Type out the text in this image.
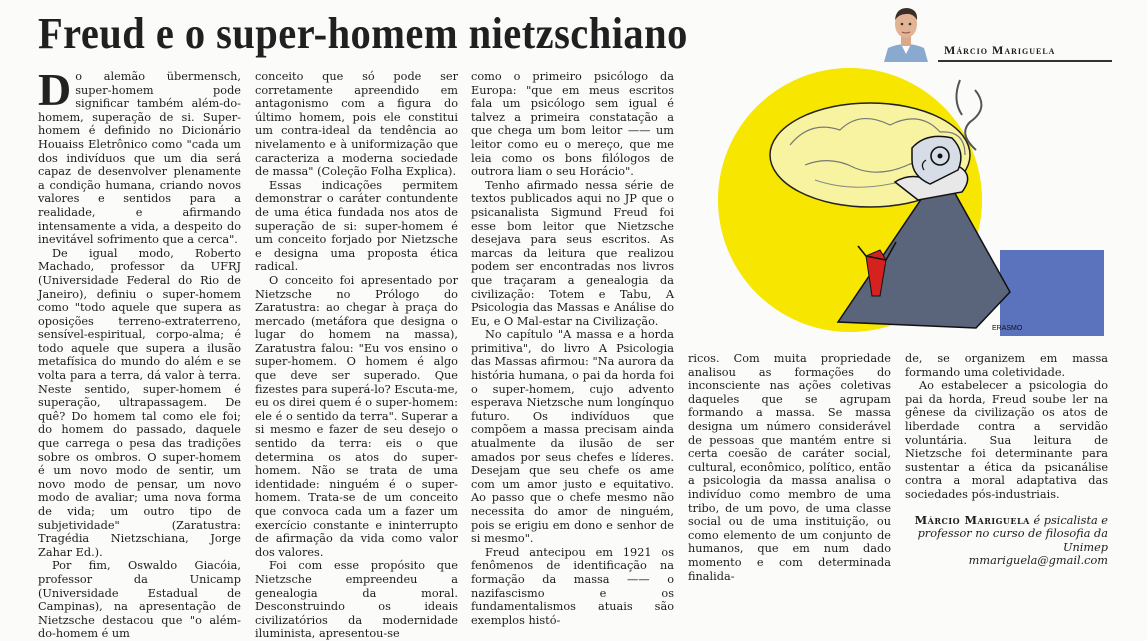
Freud e o super-homem nietzschiano	Márcio Mariguela
ERASMO

Do alemão übermensch, super-homem pode significar também além-do-homem, superação de si. Super-homem é definido no Dicionário Houaiss Eletrônico como "cada um dos indivíduos que um dia será capaz de desenvolver plenamente a condição humana, criando novos valores e sentidos para a realidade, e afirmando intensamente a vida, a despeito do inevitável sofrimento que a cerca".

De igual modo, Roberto Machado, professor da UFRJ (Universidade Federal do Rio de Janeiro), definiu o super-homem como "todo aquele que supera as oposições terreno-extraterreno, sensível-espiritual, corpo-alma; é todo aquele que supera a ilusão metafísica do mundo do além e se volta para a terra, dá valor à terra. Neste sentido, super-homem é superação, ultrapassagem. De quê? Do homem tal como ele foi; do homem do passado, daquele que carrega o pesa das tradições sobre os ombros. O super-homem é um novo modo de sentir, um novo modo de pensar, um novo modo de avaliar; uma nova forma de vida; um outro tipo de subjetividade" (Zaratustra: Tragédia Nietzschiana, Jorge Zahar Ed.).

Por fim, Oswaldo Giacóia, professor da Unicamp (Universidade Estadual de Campinas), na apresentação de Nietzsche destacou que "o além-do-homem é um

conceito que só pode ser corretamente apreendido em antagonismo com a figura do último homem, pois ele constitui um contra-ideal da tendência ao nivelamento e à uniformização que caracteriza a moderna sociedade de massa" (Coleção Folha Explica).

Essas indicações permitem demonstrar o caráter contundente de uma ética fundada nos atos de superação de si: super-homem é um conceito forjado por Nietzsche e designa uma proposta ética radical.

O conceito foi apresentado por Nietzsche no Prólogo do Zaratustra: ao chegar à praça do mercado (metáfora que designa o lugar do homem na massa), Zaratustra falou: "Eu vos ensino o super-homem. O homem é algo que deve ser superado. Que fizestes para superá-lo? Escuta-me, eu os direi quem é o super-homem: ele é o sentido da terra". Superar a si mesmo e fazer de seu desejo o sentido da terra: eis o que determina os atos do super-homem. Não se trata de uma identidade: ninguém é o super-homem. Trata-se de um conceito que convoca cada um a fazer um exercício constante e ininterrupto de afirmação da vida como valor dos valores.

Foi com esse propósito que Nietzsche empreendeu a genealogia da moral. Desconstruindo os ideais civilizatórios da modernidade iluminista, apresentou-se

como o primeiro psicólogo da Europa: "que em meus escritos fala um psicólogo sem igual é talvez a primeira constatação a que chega um bom leitor —— um leitor como eu o mereço, que me leia como os bons filólogos de outrora liam o seu Horácio".

Tenho afirmado nessa série de textos publicados aqui no JP que o psicanalista Sigmund Freud foi esse bom leitor que Nietzsche desejava para seus escritos. As marcas da leitura que realizou podem ser encontradas nos livros que traçaram a genealogia da civilização: Totem e Tabu, A Psicologia das Massas e Análise do Eu, e O Mal-estar na Civilização.

No capítulo "A massa e a horda primitiva", do livro A Psicologia das Massas afirmou: "Na aurora da história humana, o pai da horda foi o super-homem, cujo advento esperava Nietzsche num longínquo futuro. Os indivíduos que compõem a massa precisam ainda atualmente da ilusão de ser amados por seus chefes e líderes. Desejam que seu chefe os ame com um amor justo e equitativo. Ao passo que o chefe mesmo não necessita do amor de ninguém, pois se erigiu em dono e senhor de si mesmo".

Freud antecipou em 1921 os fenômenos de identificação na formação da massa —— o nazifascismo e os fundamentalismos atuais são exemplos histó-

ricos. Com muita propriedade analisou as formações do inconsciente nas ações coletivas daqueles que se agrupam formando a massa. Se massa designa um número considerável de pessoas que mantém entre si certa coesão de caráter social, cultural, econômico, político, então a psicologia da massa analisa o indivíduo como membro de uma tribo, de um povo, de uma classe social ou de uma instituição, ou como elemento de um conjunto de humanos, que em num dado momento e com determinada finalida-

de, se organizem em massa formando uma coletividade.

Ao estabelecer a psicologia do pai da horda, Freud soube ler na gênese da civilização os atos de liberdade contra a servidão voluntária. Sua leitura de Nietzsche foi determinante para sustentar a ética da psicanálise contra a moral adaptativa das sociedades pós-industriais.

Márcio Mariguela é psicalista e professor no curso de filosofia da Unimep
mmariguela@gmail.com
